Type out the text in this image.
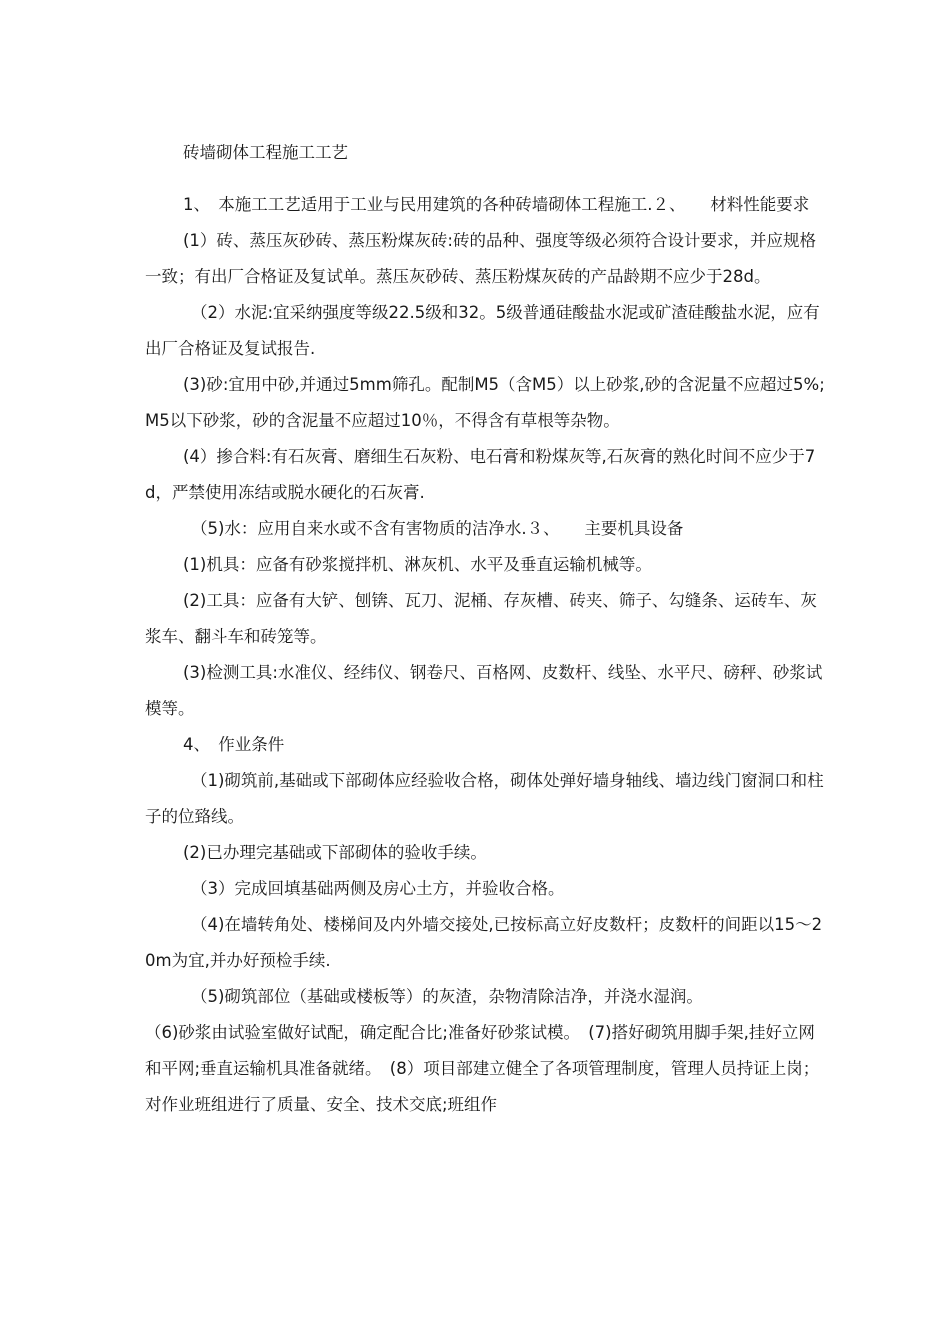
砖墙砌体工程施工工艺

1、　本施工工艺适用于工业与民用建筑的各种砖墙砌体工程施工.２、　　材料性能要求

(1）砖、蒸压灰砂砖、蒸压粉煤灰砖:砖的品种、强度等级必须符合设计要求，并应规格一致；有出厂合格证及复试单。蒸压灰砂砖、蒸压粉煤灰砖的产品龄期不应少于28d。

（2）水泥:宜采纳强度等级22.5级和32。5级普通硅酸盐水泥或矿渣硅酸盐水泥，应有出厂合格证及复试报告.

(3)砂:宜用中砂,并通过5mm筛孔。配制M5（含M5）以上砂浆,砂的含泥量不应超过5%;M5以下砂浆，砂的含泥量不应超过10％，不得含有草根等杂物。

(4）掺合料:有石灰膏、磨细生石灰粉、电石膏和粉煤灰等,石灰膏的熟化时间不应少于7d，严禁使用冻结或脱水硬化的石灰膏.

（5)水：应用自来水或不含有害物质的洁净水.３、　　主要机具设备

(1)机具：应备有砂浆搅拌机、淋灰机、水平及垂直运输机械等。

(2)工具：应备有大铲、刨锛、瓦刀、泥桶、存灰槽、砖夹、筛子、勾缝条、运砖车、灰浆车、翻斗车和砖笼等。

(3)检测工具:水准仪、经纬仪、钢卷尺、百格网、皮数杆、线坠、水平尺、磅秤、砂浆试模等。

4、　作业条件

（1)砌筑前,基础或下部砌体应经验收合格，砌体处弹好墙身轴线、墙边线门窗洞口和柱子的位臵线。

(2)已办理完基础或下部砌体的验收手续。

（3）完成回填基础两侧及房心土方，并验收合格。

（4)在墙转角处、楼梯间及内外墙交接处,已按标高立好皮数杆；皮数杆的间距以15～20m为宜,并办好预检手续.

（5)砌筑部位（基础或楼板等）的灰渣，杂物清除洁净，并浇水湿润。

（6)砂浆由试验室做好试配，确定配合比;准备好砂浆试模。　(7)搭好砌筑用脚手架,挂好立网和平网;垂直运输机具准备就绪。　(8）项目部建立健全了各项管理制度，管理人员持证上岗；对作业班组进行了质量、安全、技术交底;班组作
